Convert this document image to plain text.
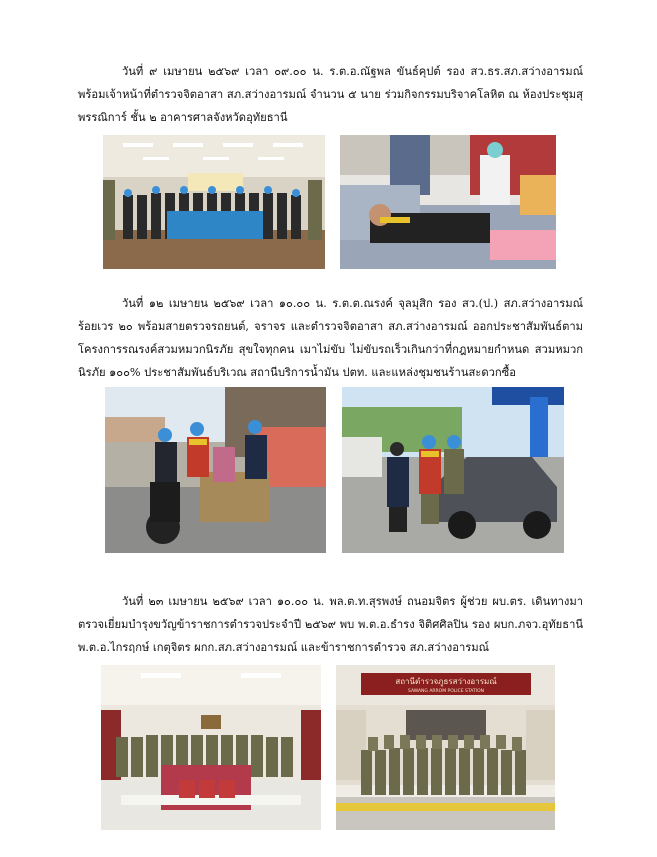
วันที่ ๙ เมษายน ๒๕๖๙ เวลา ๐๙.๐๐ น. ร.ต.อ.ณัฐพล ขันธ์คุปต์ รอง สว.ธร.สภ.สว่างอารมณ์ พร้อมเจ้าหน้าที่ตำรวจจิตอาสา สภ.สว่างอารมณ์ จำนวน ๕ นาย ร่วมกิจกรรมบริจาคโลหิต ณ ห้องประชุมสุพรรณิการ์ ชั้น ๒ อาคารศาลจังหวัดอุทัยธานี
วันที่ ๑๒ เมษายน ๒๕๖๙ เวลา ๑๐.๐๐ น. ร.ต.ต.ณรงค์ จุลมุสิก รอง สว.(ป.) สภ.สว่างอารมณ์ ร้อยเวร ๒๐ พร้อมสายตรวจรถยนต์, จราจร และตำรวจจิตอาสา สภ.สว่างอารมณ์ ออกประชาสัมพันธ์ตามโครงการรณรงค์สวมหมวกนิรภัย สุขใจทุกคน เมาไม่ขับ ไม่ขับรถเร็วเกินกว่าที่กฎหมายกำหนด สวมหมวกนิรภัย ๑๐๐% ประชาสัมพันธ์บริเวณ สถานีบริการน้ำมัน ปตท. และแหล่งชุมชนร้านสะดวกซื้อ
วันที่ ๒๓ เมษายน ๒๕๖๙ เวลา ๑๐.๐๐ น. พล.ต.ท.สุรพงษ์ ถนอมจิตร ผู้ช่วย ผบ.ตร. เดินทางมาตรวจเยี่ยมบำรุงขวัญข้าราชการตำรวจประจำปี ๒๕๖๙ พบ พ.ต.อ.ธำรง จิติศศิลปิน รอง ผบก.ภจว.อุทัยธานี พ.ต.อ.ไกรฤกษ์ เกตุจิตร ผกก.สภ.สว่างอารมณ์ และข้าราชการตำรวจ สภ.สว่างอารมณ์
สถานีตำรวจภูธรสว่างอารมณ์
SAWANG ARROM POLICE STATION
